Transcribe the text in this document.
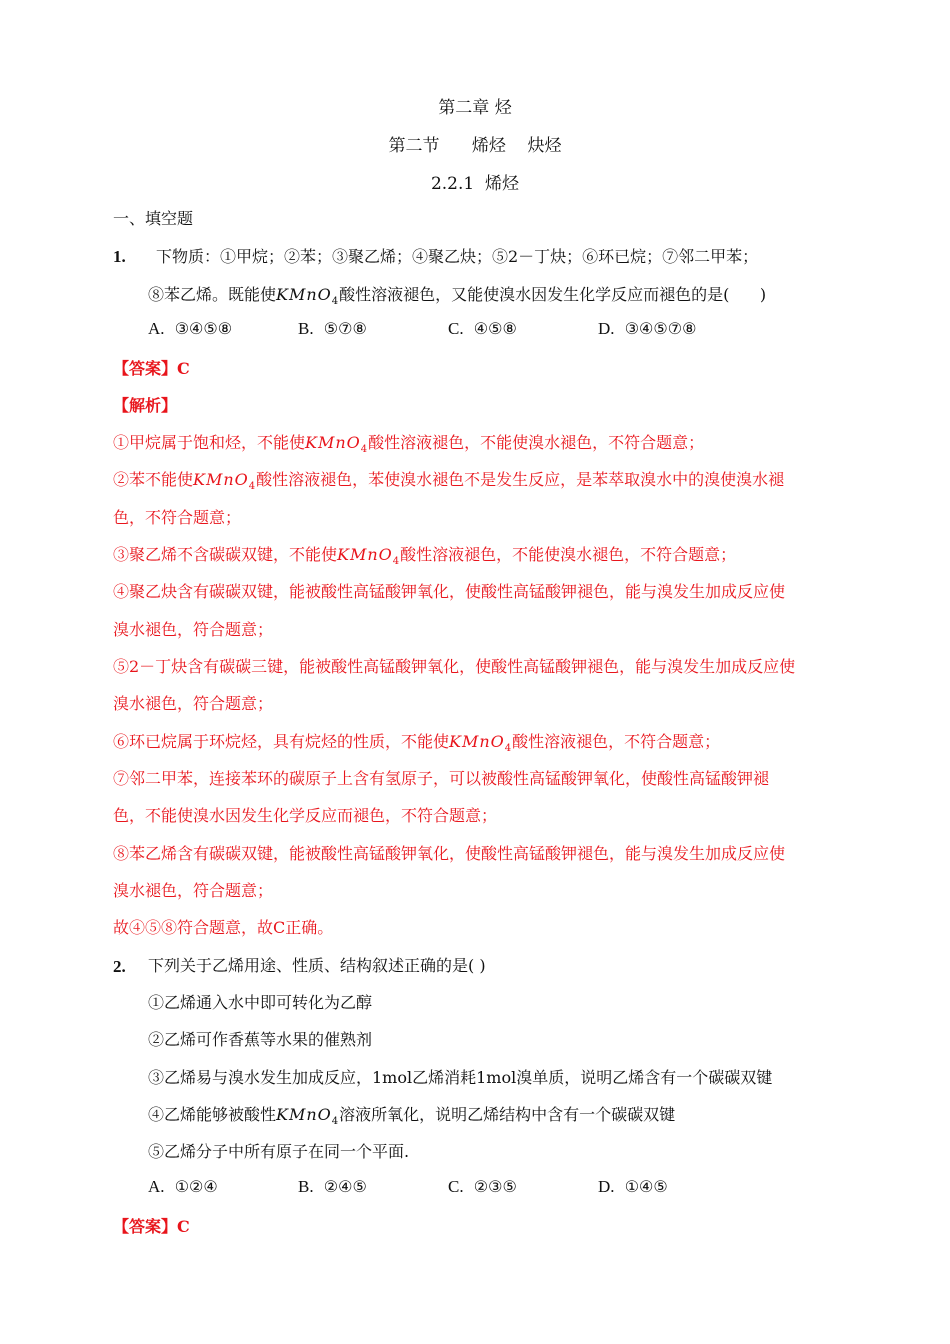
第二章 烃
第二节      烯烃    炔烃
2.2.1  烯烃
一、填空题
1. 下物质：①甲烷；②苯；③聚乙烯；④聚乙炔；⑤2－丁炔；⑥环已烷；⑦邻二甲苯；
⑧苯乙烯。既能使KMnO$_4$酸性溶液褪色，又能使溴水因发生化学反应而褪色的是(      )
A. ③④⑤⑧	B. ⑤⑦⑧	C. ④⑤⑧	D. ③④⑤⑦⑧
【答案】C
【解析】
①甲烷属于饱和烃，不能使KMnO$_4$酸性溶液褪色，不能使溴水褪色，不符合题意；
②苯不能使KMnO$_4$酸性溶液褪色，苯使溴水褪色不是发生反应，是苯萃取溴水中的溴使溴水褪
色，不符合题意；
③聚乙烯不含碳碳双键，不能使KMnO$_4$酸性溶液褪色，不能使溴水褪色，不符合题意；
④聚乙炔含有碳碳双键，能被酸性高锰酸钾氧化，使酸性高锰酸钾褪色，能与溴发生加成反应使
溴水褪色，符合题意；
⑤2－丁炔含有碳碳三键，能被酸性高锰酸钾氧化，使酸性高锰酸钾褪色，能与溴发生加成反应使
溴水褪色，符合题意；
⑥环已烷属于环烷烃，具有烷烃的性质，不能使KMnO$_4$酸性溶液褪色，不符合题意；
⑦邻二甲苯，连接苯环的碳原子上含有氢原子，可以被酸性高锰酸钾氧化，使酸性高锰酸钾褪
色，不能使溴水因发生化学反应而褪色，不符合题意；
⑧苯乙烯含有碳碳双键，能被酸性高锰酸钾氧化，使酸性高锰酸钾褪色，能与溴发生加成反应使
溴水褪色，符合题意；
故④⑤⑧符合题意，故C正确。
2. 下列关于乙烯用途、性质、结构叙述正确的是( )
①乙烯通入水中即可转化为乙醇
②乙烯可作香蕉等水果的催熟剂
③乙烯易与溴水发生加成反应，1mol乙烯消耗1mol溴单质，说明乙烯含有一个碳碳双键
④乙烯能够被酸性KMnO$_4$溶液所氧化，说明乙烯结构中含有一个碳碳双键
⑤乙烯分子中所有原子在同一个平面.
A. ①②④	B. ②④⑤	C. ②③⑤	D. ①④⑤
【答案】C
